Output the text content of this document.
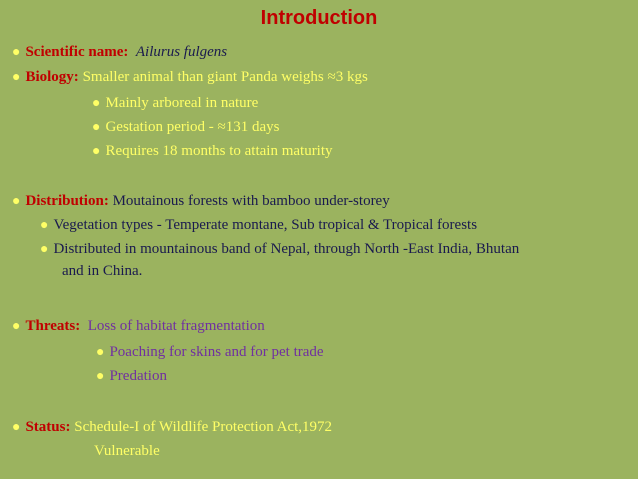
Introduction
● Scientific name: Ailurus fulgens
● Biology: Smaller animal than giant Panda weighs ≈3 kgs
● Mainly arboreal in nature
● Gestation period - ≈131 days
● Requires 18 months to attain maturity
● Distribution: Moutainous forests with bamboo under-storey
● Vegetation types - Temperate montane, Sub tropical & Tropical forests
● Distributed in mountainous band of Nepal, through North -East India, Bhutan
and in China.
● Threats: Loss of habitat fragmentation
● Poaching for skins and for pet trade
● Predation
● Status: Schedule-I of Wildlife Protection Act,1972
Vulnerable
